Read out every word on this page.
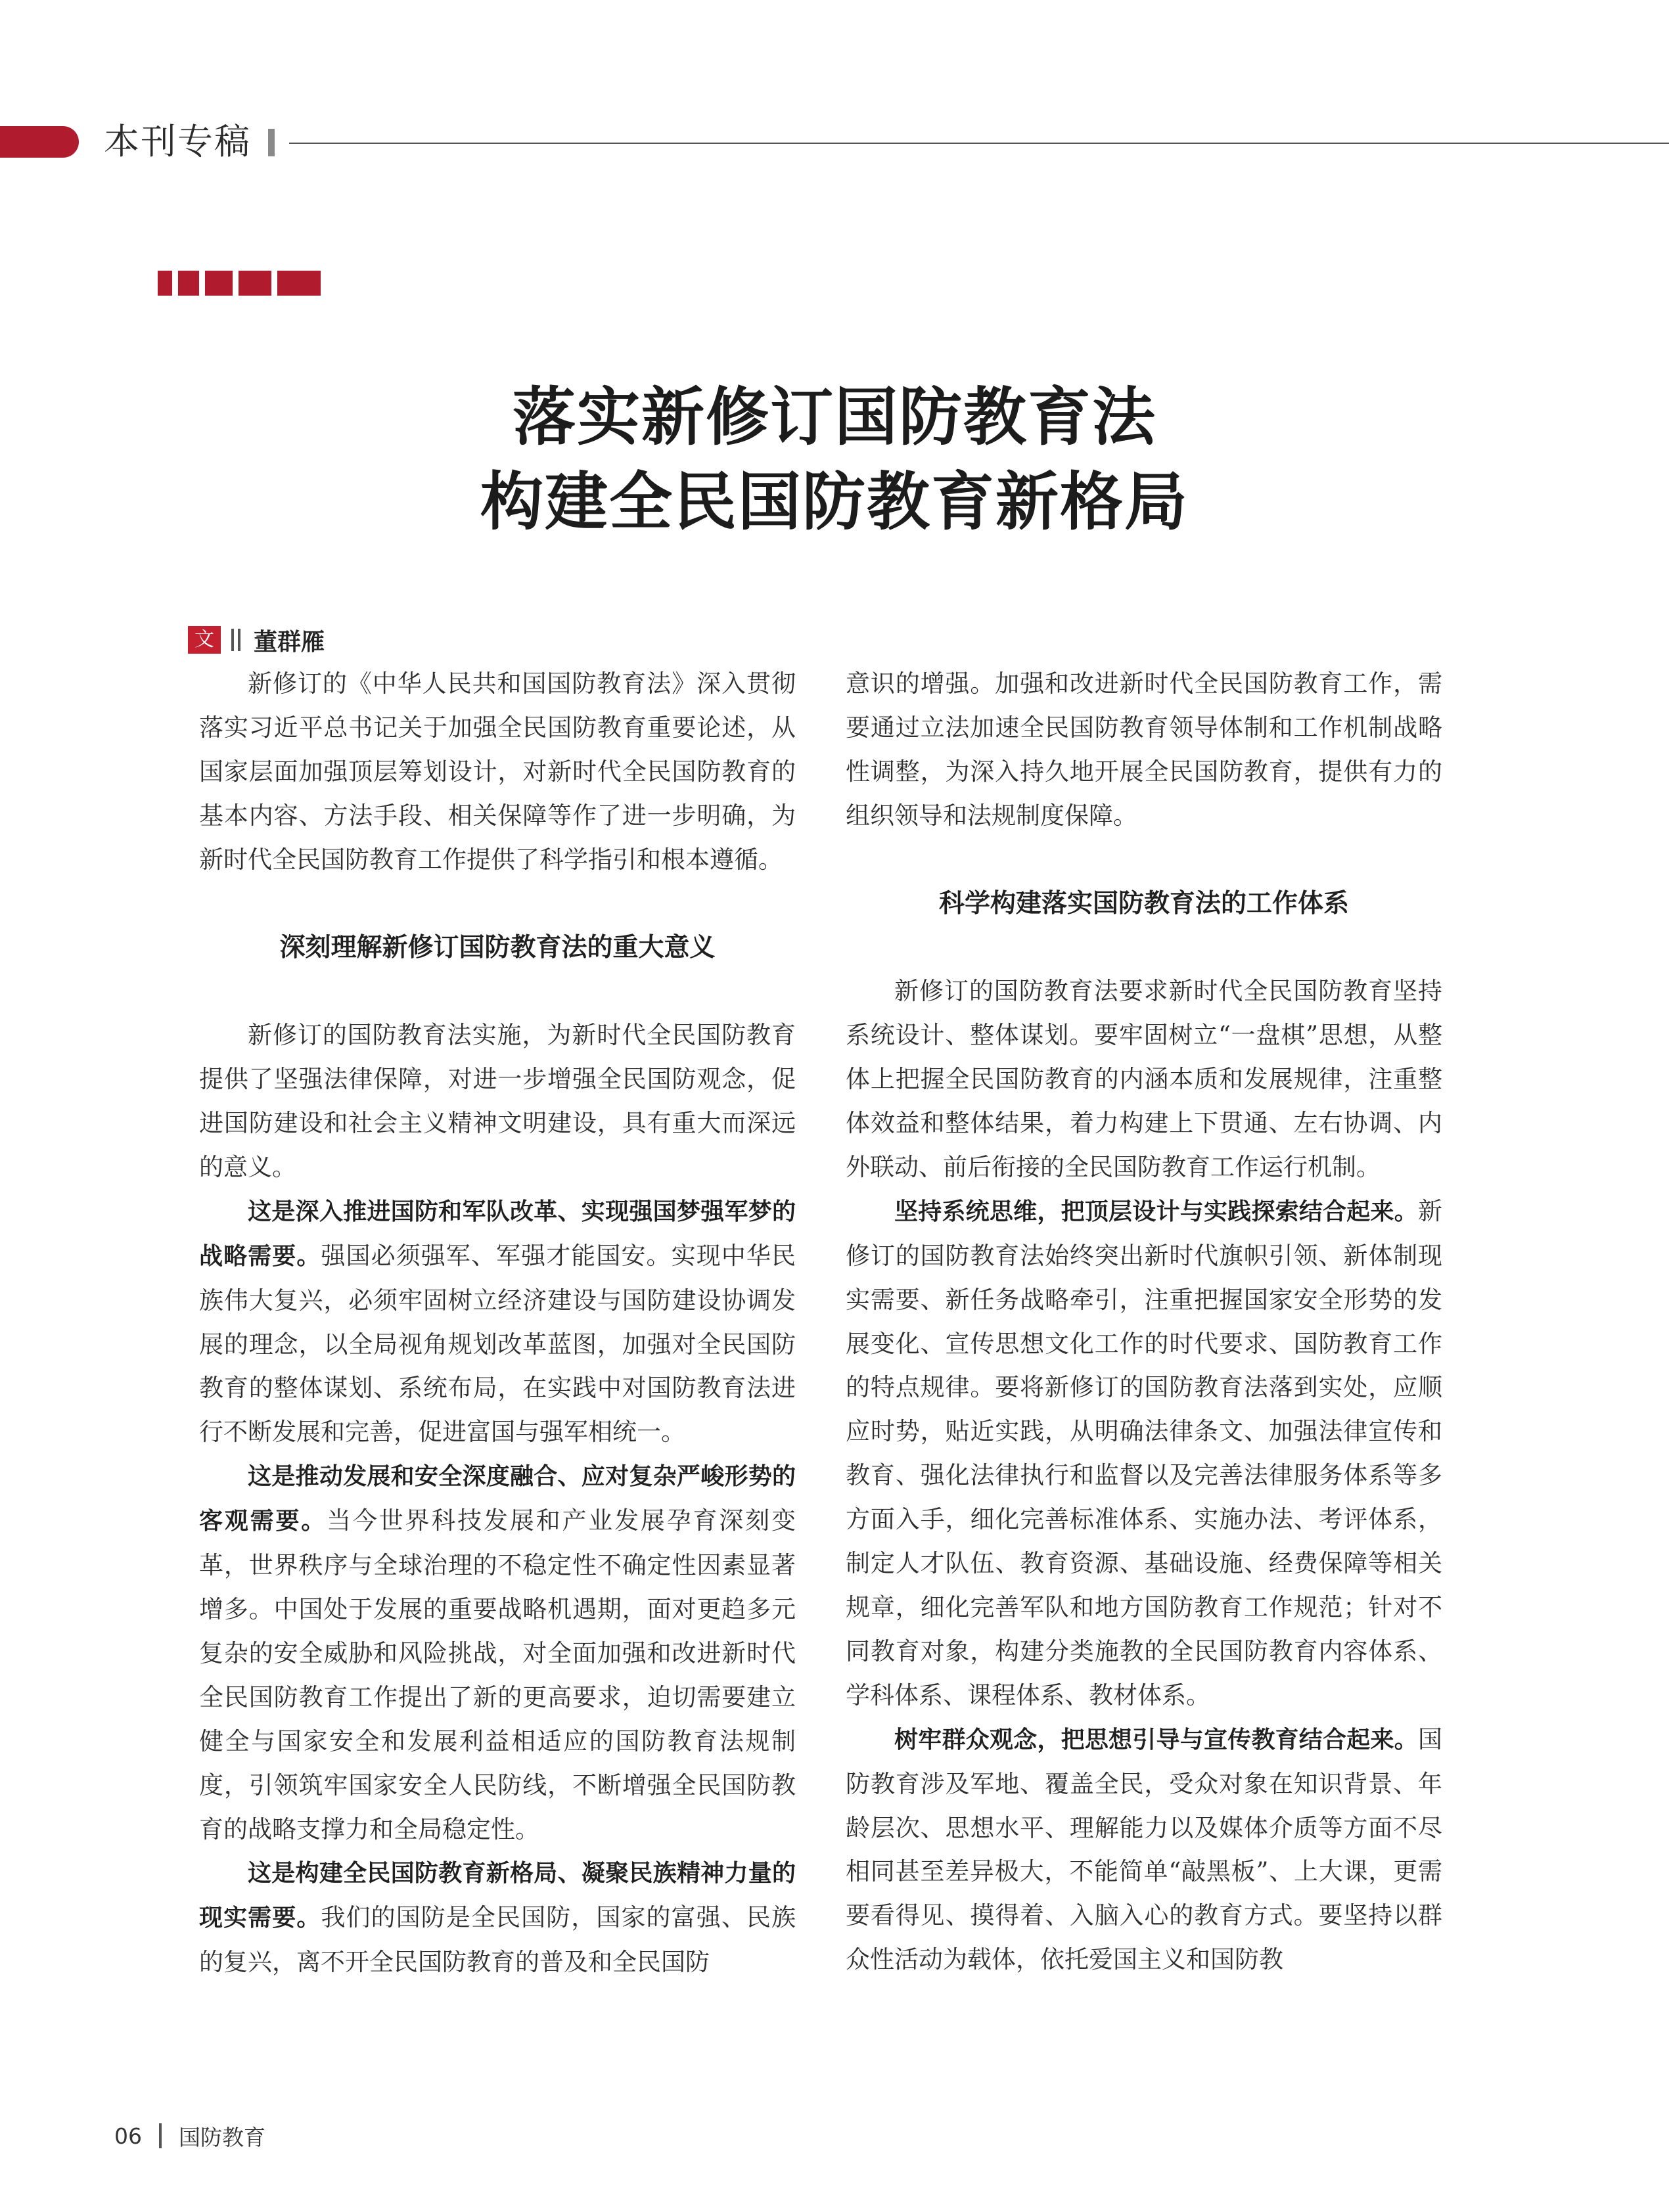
本刊专稿
落实新修订国防教育法
构建全民国防教育新格局
文 董群雁

新修订的《中华人民共和国国防教育法》深入贯彻落实习近平总书记关于加强全民国防教育重要论述，从国家层面加强顶层筹划设计，对新时代全民国防教育的基本内容、方法手段、相关保障等作了进一步明确，为新时代全民国防教育工作提供了科学指引和根本遵循。

深刻理解新修订国防教育法的重大意义

新修订的国防教育法实施，为新时代全民国防教育提供了坚强法律保障，对进一步增强全民国防观念，促进国防建设和社会主义精神文明建设，具有重大而深远的意义。

这是深入推进国防和军队改革、实现强国梦强军梦的战略需要。强国必须强军、军强才能国安。实现中华民族伟大复兴，必须牢固树立经济建设与国防建设协调发展的理念，以全局视角规划改革蓝图，加强对全民国防教育的整体谋划、系统布局，在实践中对国防教育法进行不断发展和完善，促进富国与强军相统一。

这是推动发展和安全深度融合、应对复杂严峻形势的客观需要。当今世界科技发展和产业发展孕育深刻变革，世界秩序与全球治理的不稳定性不确定性因素显著增多。中国处于发展的重要战略机遇期，面对更趋多元复杂的安全威胁和风险挑战，对全面加强和改进新时代全民国防教育工作提出了新的更高要求，迫切需要建立健全与国家安全和发展利益相适应的国防教育法规制度，引领筑牢国家安全人民防线，不断增强全民国防教育的战略支撑力和全局稳定性。

这是构建全民国防教育新格局、凝聚民族精神力量的现实需要。我们的国防是全民国防，国家的富强、民族的复兴，离不开全民国防教育的普及和全民国防

意识的增强。加强和改进新时代全民国防教育工作，需要通过立法加速全民国防教育领导体制和工作机制战略性调整，为深入持久地开展全民国防教育，提供有力的组织领导和法规制度保障。

科学构建落实国防教育法的工作体系

新修订的国防教育法要求新时代全民国防教育坚持系统设计、整体谋划。要牢固树立“一盘棋”思想，从整体上把握全民国防教育的内涵本质和发展规律，注重整体效益和整体结果，着力构建上下贯通、左右协调、内外联动、前后衔接的全民国防教育工作运行机制。

坚持系统思维，把顶层设计与实践探索结合起来。新修订的国防教育法始终突出新时代旗帜引领、新体制现实需要、新任务战略牵引，注重把握国家安全形势的发展变化、宣传思想文化工作的时代要求、国防教育工作的特点规律。要将新修订的国防教育法落到实处，应顺应时势，贴近实践，从明确法律条文、加强法律宣传和教育、强化法律执行和监督以及完善法律服务体系等多方面入手，细化完善标准体系、实施办法、考评体系，制定人才队伍、教育资源、基础设施、经费保障等相关规章，细化完善军队和地方国防教育工作规范；针对不同教育对象，构建分类施教的全民国防教育内容体系、学科体系、课程体系、教材体系。

树牢群众观念，把思想引导与宣传教育结合起来。国防教育涉及军地、覆盖全民，受众对象在知识背景、年龄层次、思想水平、理解能力以及媒体介质等方面不尽相同甚至差异极大，不能简单“敲黑板”、上大课，更需要看得见、摸得着、入脑入心的教育方式。要坚持以群众性活动为载体，依托爱国主义和国防教

06 国防教育
